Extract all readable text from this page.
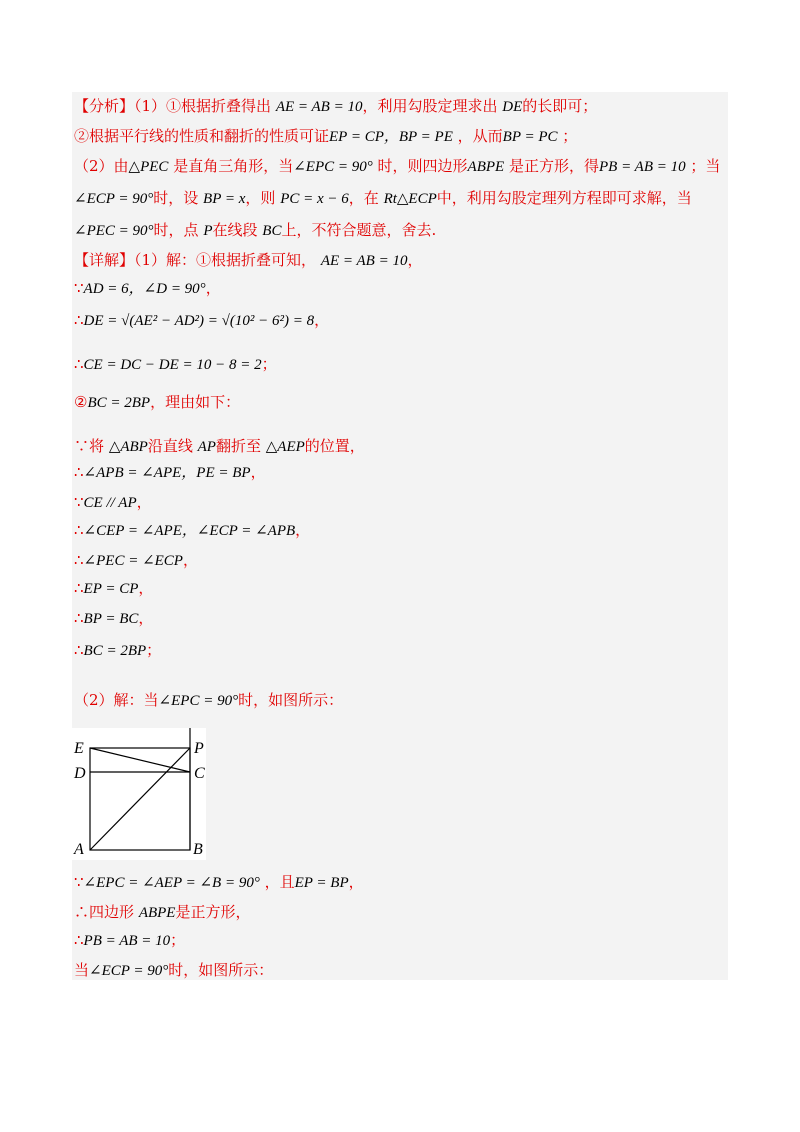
【分析】（1）①根据折叠得出 AE = AB = 10，利用勾股定理求出 DE的长即可；
②根据平行线的性质和翻折的性质可证EP = CP，BP = PE ，从而BP = PC ；
（2）由△PEC 是直角三角形，当∠EPC = 90° 时，则四边形ABPE 是正方形，得PB = AB = 10 ；当
∠ECP = 90°时，设 BP = x，则 PC = x − 6，在 Rt△ECP中，利用勾股定理列方程即可求解，当
∠PEC = 90°时，点 P在线段 BC上，不符合题意，舍去.
【详解】（1）解：①根据折叠可知， AE = AB = 10，
∵AD = 6，∠D = 90°，
∴DE = √(AE² − AD²) = √(10² − 6²) = 8，
∴CE = DC − DE = 10 − 8 = 2；
②BC = 2BP，理由如下：
∵将 △ABP沿直线 AP翻折至 △AEP的位置，
∴∠APB = ∠APE，PE = BP，
∵CE // AP，
∴∠CEP = ∠APE，∠ECP = ∠APB，
∴∠PEC = ∠ECP，
∴EP = CP，
∴BP = BC，
∴BC = 2BP；
（2）解：当∠EPC = 90°时，如图所示：
E	P
D	C
A	B
∵∠EPC = ∠AEP = ∠B = 90° ，且EP = BP，
∴四边形 ABPE是正方形，
∴PB = AB = 10；
当∠ECP = 90°时，如图所示：
